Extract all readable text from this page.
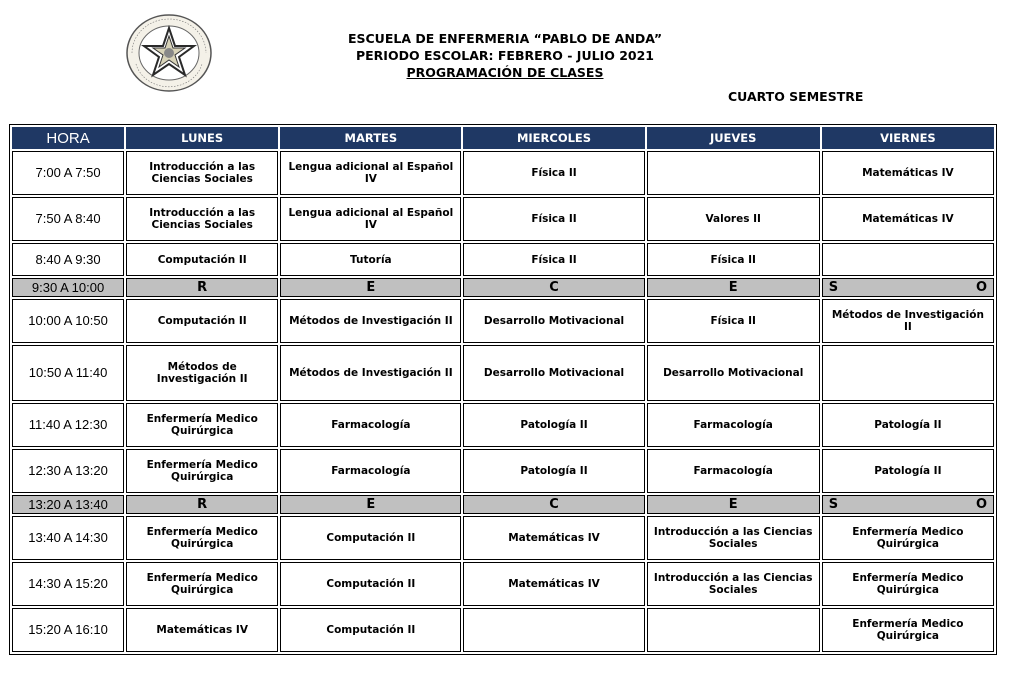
ESCUELA DE ENFERMERIA “PABLO DE ANDA”
PERIODO ESCOLAR: FEBRERO - JULIO 2021
PROGRAMACIÓN DE CLASES
CUARTO SEMESTRE
HORA	LUNES	MARTES	MIERCOLES	JUEVES	VIERNES
7:00 A 7:50	Introducción a las Ciencias Sociales	Lengua adicional al Español IV	Física II		Matemáticas IV
7:50 A 8:40	Introducción a las Ciencias Sociales	Lengua adicional al Español IV	Física II	Valores II	Matemáticas IV
8:40 A 9:30	Computación II	Tutoría	Física II	Física II	
9:30 A 10:00	R	E	C	E	S O

10:00 A 10:50	Computación II	Métodos de Investigación II	Desarrollo Motivacional	Física II	Métodos de Investigación II
10:50 A 11:40	Métodos de Investigación II	Métodos de Investigación II	Desarrollo Motivacional	Desarrollo Motivacional	
11:40 A 12:30	Enfermería Medico Quirúrgica	Farmacología	Patología II	Farmacología	Patología II
12:30 A 13:20	Enfermería Medico Quirúrgica	Farmacología	Patología II	Farmacología	Patología II
13:20 A 13:40	R	E	C	E	S O

13:40 A 14:30	Enfermería Medico Quirúrgica	Computación II	Matemáticas IV	Introducción a las Ciencias Sociales	Enfermería Medico Quirúrgica
14:30 A 15:20	Enfermería Medico Quirúrgica	Computación II	Matemáticas IV	Introducción a las Ciencias Sociales	Enfermería Medico Quirúrgica
15:20 A 16:10	Matemáticas IV	Computación II			Enfermería Medico Quirúrgica
